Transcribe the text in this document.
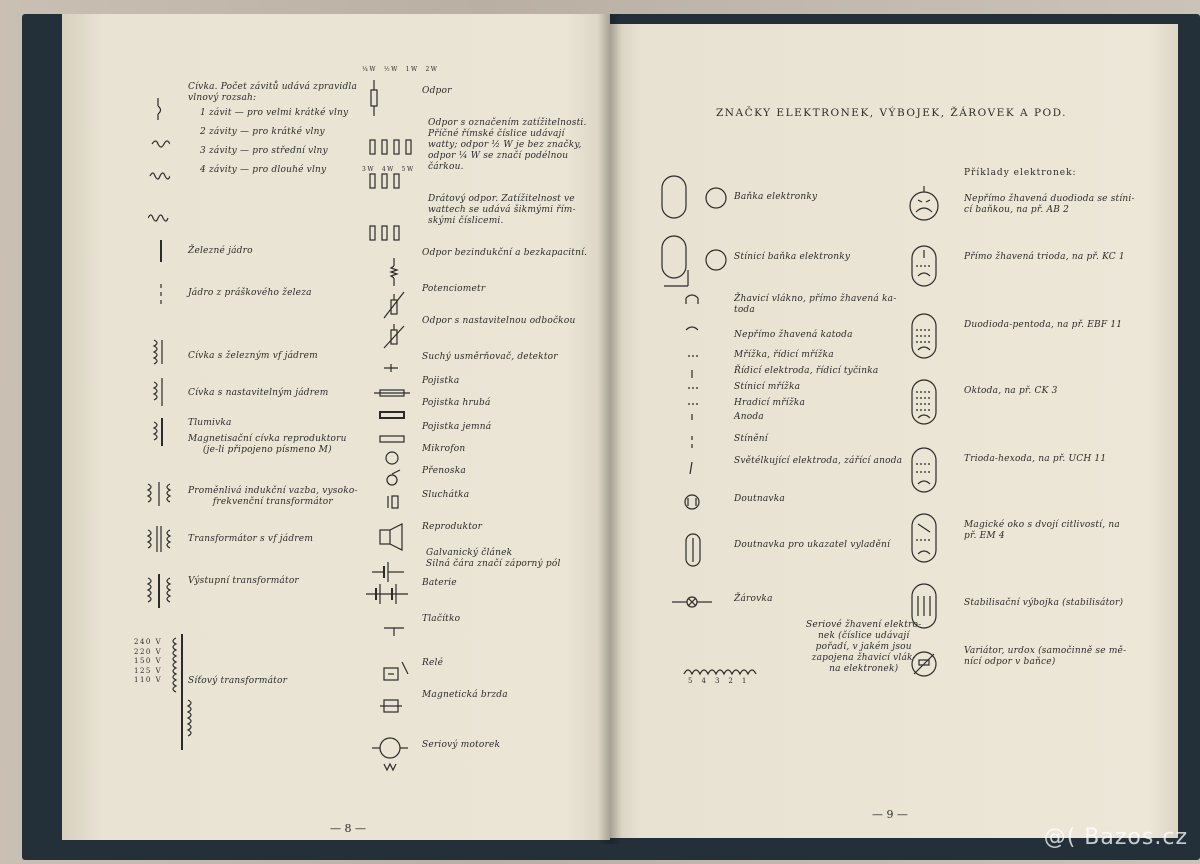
Cívka. Počet závitů udává zpravidla
vlnový rozsah:
1 závit — pro velmi krátké vlny
2 závity — pro krátké vlny
3 závity — pro střední vlny
4 závity — pro dlouhé vlny
Železné jádro
Jádro z práškového železa
Cívka s železným vf jádrem
Cívka s nastavitelným jádrem
Tlumivka
Magnetisační cívka reproduktoru
(je-li připojeno písmeno M)
Proměnlivá indukční vazba, vysoko-
frekvenční transformátor
Transformátor s vf jádrem
Výstupní transformátor
Síťový transformátor
240 V
220 V
150 V
125 V
110 V
Odpor
Odpor s označením zatížitelnosti.
Příčné římské číslice udávají
watty; odpor ½ W je bez značky,
odpor ¼ W se značí podélnou
čárkou.
Drátový odpor. Zatížitelnost ve
wattech se udává šikmými řím-
skými číslicemi.
Odpor bezindukční a bezkapacitní.
Potenciometr
Odpor s nastavitelnou odbočkou
Suchý usměrňovač, detektor
Pojistka
Pojistka hrubá
Pojistka jemná
Mikrofon
Přenoska
Sluchátka
Reproduktor
Galvanický článek
Silná čára značí záporný pól
Baterie
Tlačítko
Relé
Magnetická brzda
Seriový motorek
¼W ½W 1W 2W
3W 4W 5W
— 8 —
ZNAČKY ELEKTRONEK, VÝBOJEK, ŽÁROVEK A POD.
Příklady elektronek:
Baňka elektronky
Stínicí baňka elektronky
Žhavicí vlákno, přímo žhavená ka-
toda
Nepřímo žhavená katoda
Mřížka, řídicí mřížka
Řídicí elektroda, řídicí tyčinka
Stínicí mřížka
Hradicí mřížka
Anoda
Stínění
Světélkující elektroda, zářící anoda
Doutnavka
Doutnavka pro ukazatel vyladění
Žárovka
Seriové žhavení elektro-
nek (číslice udávají
pořadí, v jakém jsou
zapojena žhavicí vlák-
na elektronek)
54321
Nepřímo žhavená duodioda se stíni-
cí baňkou, na př. AB 2
Přímo žhavená trioda, na př. KC 1
Duodioda-pentoda, na př. EBF 11
Oktoda, na př. CK 3
Trioda-hexoda, na př. UCH 11
Magické oko s dvojí citlivostí, na
př. EM 4
Stabilisační výbojka (stabilisátor)
Variátor, urdox (samočinně se mě-
nící odpor v baňce)
— 9 —
@( Bazos.cz
